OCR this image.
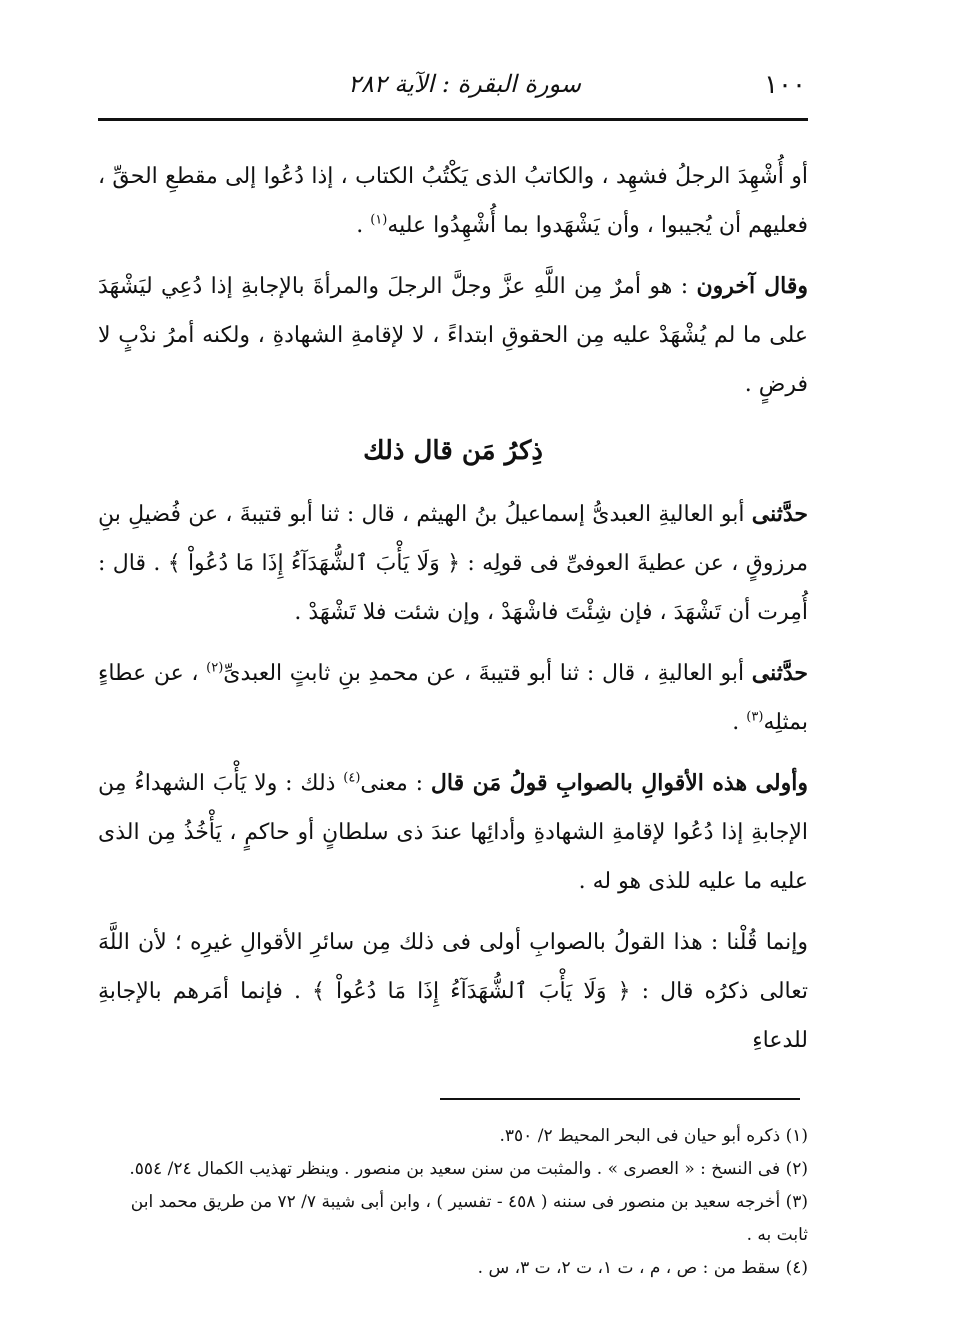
١٠٠
سورة البقرة : الآية ٢٨٢

أو أُشْهِدَ الرجلُ فشهِد ، والكاتبُ الذى يَكْتُبُ الكتاب ، إذا دُعُوا إلى مقطعِ الحقِّ ، فعليهم أن يُجيبوا ، وأن يَشْهَدوا بما أُشْهِدُوا عليه$^{(١)}$ .

وقال آخرون : هو أمرٌ مِن اللَّهِ عزَّ وجلَّ الرجلَ والمرأةَ بالإجابةِ إذا دُعِي ليَشْهَدَ على ما لم يُشْهَدْ عليه مِن الحقوقِ ابتداءً ، لا لإقامةِ الشهادةِ ، ولكنه أمرُ ندْبٍ لا فرضٍ .

ذِكرُ مَن قال ذلك

حدَّثنى أبو العاليةِ العبدىُّ إسماعيلُ بنُ الهيثم ، قال : ثنا أبو قتيبةَ ، عن فُضيلِ بنِ مرزوقٍ ، عن عطيةَ العوفىِّ فى قولِه : ﴿ وَلَا يَأْبَ ٱلشُّهَدَآءُ إِذَا مَا دُعُواْ ﴾ . قال : أُمِرت أن تَشْهَدَ ، فإن شِئْتَ فاشْهَدْ ، وإن شئت فلا تَشْهَدْ .

حدَّثنى أبو العاليةِ ، قال : ثنا أبو قتيبةَ ، عن محمدِ بنِ ثابتٍ العبدىِّ$^{(٢)}$ ، عن عطاءٍ بمثلِه$^{(٣)}$ .

وأولى هذه الأقوالِ بالصوابِ قولُ مَن قال : معنى$^{(٤)}$ ذلك : ولا يَأْبَ الشهداءُ مِن الإجابةِ إذا دُعُوا لإقامةِ الشهادةِ وأدائِها عندَ ذى سلطانٍ أو حاكمٍ ، يَأْخُذُ مِن الذى عليه ما عليه للذى هو له .

وإنما قُلْنا : هذا القولُ بالصوابِ أولى فى ذلك مِن سائرِ الأقوالِ غيرِه ؛ لأن اللَّهَ تعالى ذكرُه قال : ﴿ وَلَا يَأْبَ ٱلشُّهَدَآءُ إِذَا مَا دُعُواْ ﴾ . فإنما أمَرهم بالإجابةِ للدعاءِ

(١) ذكره أبو حيان فى البحر المحيط ٢/ ٣٥٠.

(٢) فى النسخ : « العصرى » . والمثبت من سنن سعيد بن منصور . وينظر تهذيب الكمال ٢٤/ ٥٥٤.

(٣) أخرجه سعيد بن منصور فى سننه ( ٤٥٨ - تفسير ) ، وابن أبى شيبة ٧/ ٧٢ من طريق محمد ابن ثابت به .

(٤) سقط من : ص ، م ، ت ١، ت ٢، ت ٣، س .
